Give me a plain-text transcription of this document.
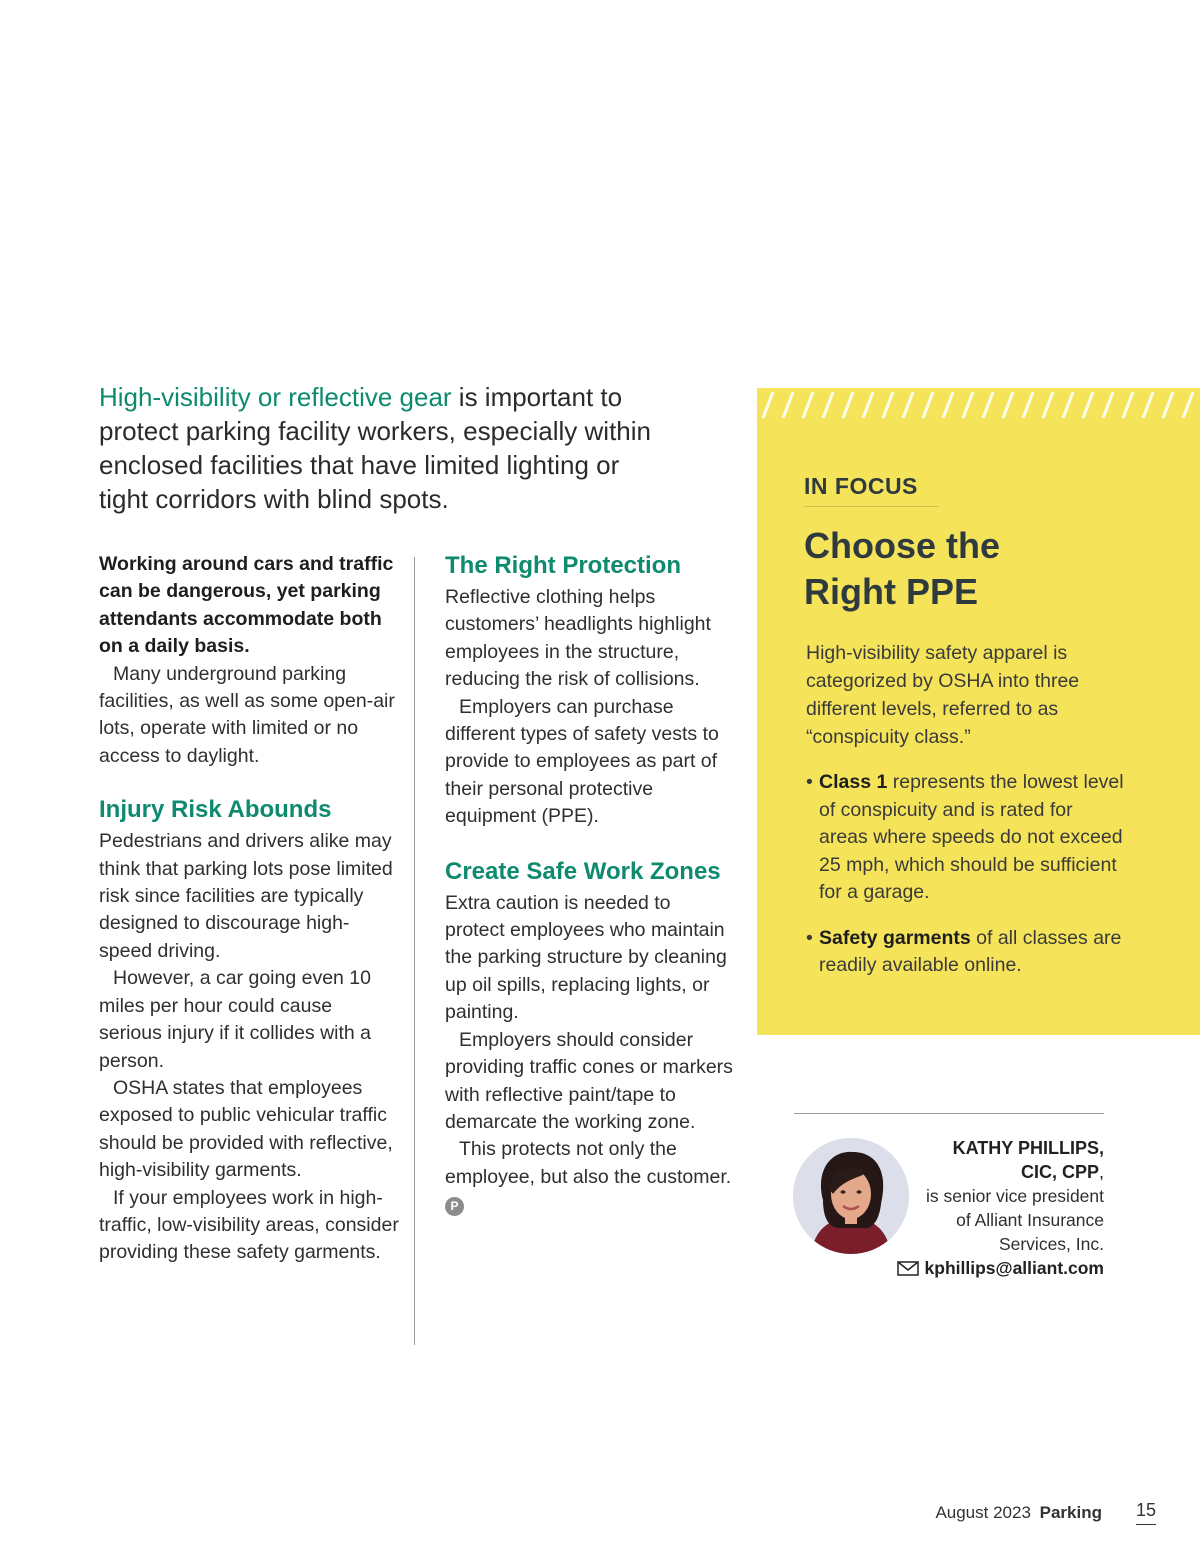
High-visibility or reflective gear is important to protect parking facility workers, especially within enclosed facilities that have limited lighting or tight corridors with blind spots.

Working around cars and traffic can be dangerous, yet parking attendants accommodate both on a daily basis.

Many underground parking facilities, as well as some open-air lots, operate with limited or no access to daylight.

Injury Risk Abounds

Pedestrians and drivers alike may think that parking lots pose limited risk since facilities are typically designed to discourage high-speed driving.

However, a car going even 10 miles per hour could cause serious injury if it collides with a person.

OSHA states that employees exposed to public vehicular traffic should be provided with reflective, high-visibility garments.

If your employees work in high-traffic, low-visibility areas, consider providing these safety garments.

The Right Protection

Reflective clothing helps customers’ headlights highlight employees in the structure, reducing the risk of collisions.

Employers can purchase different types of safety vests to provide to employees as part of their personal protective equipment (PPE).

Create Safe Work Zones

Extra caution is needed to protect employees who maintain the parking structure by cleaning up oil spills, replacing lights, or painting.

Employers should consider providing traffic cones or markers with reflective paint/tape to demarcate the working zone.

This protects not only the employee, but also the customer. P

IN FOCUS
Choose the
Right PPE

High-visibility safety apparel is categorized by OSHA into three different levels, referred to as “conspicuity class.”

• Class 1 represents the lowest level of conspicuity and is rated for areas where speeds do not exceed 25 mph, which should be sufficient for a garage.
• Safety garments of all classes are readily available online.
KATHY PHILLIPS,
CIC, CPP,
is senior vice president
of Alliant Insurance
Services, Inc.
kphillips@alliant.com
August 2023 Parking 15
